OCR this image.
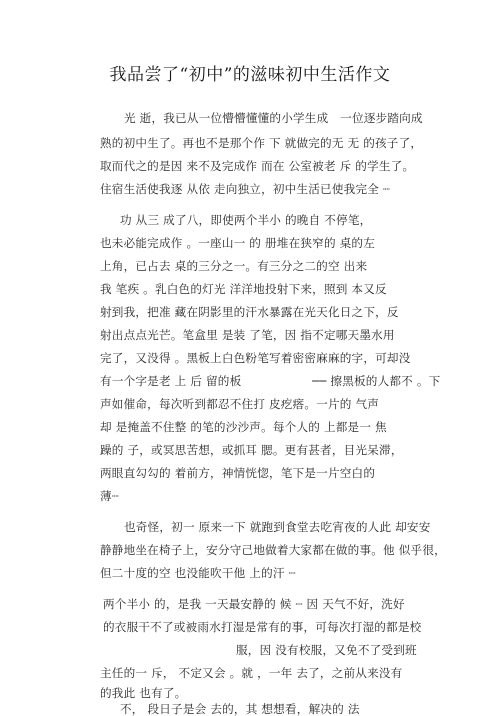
我品尝了“初中”的滋味初中生活作文
光 逝，我已从一位懵懵懂懂的小学生成　一位逐步踏向成
熟的初中生了。再也不是那个作 下 就做完的无 无 的孩子了，
取而代之的是因 来不及完成作 而在 公室被老 斥 的学生了。
住宿生活使我逐 从依 走向独立，初中生活已使我完全 ┈
功 从三 成了八，即使两个半小 的晚自 不停笔，
也未必能完成作 。一座山一 的 册堆在狭窄的 桌的左
上角，已占去 桌的三分之一。有三分之二的空 出来
我 笔疾 。乳白色的灯光 洋洋地投射下来，照到 本又反
射到我，把准 藏在阴影里的汗水暴露在光天化日之下，反
射出点点光芒。笔盒里 是装 了笔，因 指不定哪天墨水用
完了，又没得 。黑板上白色粉笔写着密密麻麻的字，可却没
有一个字是老 上 后 留的板　　　　　　── 擦黑板的人都不 。下
声如催命，每次听到都忍不住打 皮疙瘩。一片的 气声
却 是掩盖不住整 的笔的沙沙声。每个人的 上都是一 焦
躁的 子，或冥思苦想，或抓耳 腮。更有甚者，目光呆滞，
两眼直勾勾的 着前方，神情恍惚，笔下是一片空白的
薄┈
也奇怪，初一 原来一下 就跑到食堂去吃宵夜的人此 却安安
静静地坐在椅子上，安分守己地做着大家都在做的事。他 似乎很，
但二十度的空 也没能吹干他 上的汗 ┈
两个半小 的，是我 一天最安静的 候 ┈ 因 天气不好，洗好
的衣服干不了或被雨水打湿是常有的事，可每次打湿的都是校
服，因 没有校服，又免不了受到班
主任的一 斥， 不定又会 。就 ，一年 去了，之前从来没有
的我此 也有了。
不， 段日子是会 去的，其 想想看，解决的 法
